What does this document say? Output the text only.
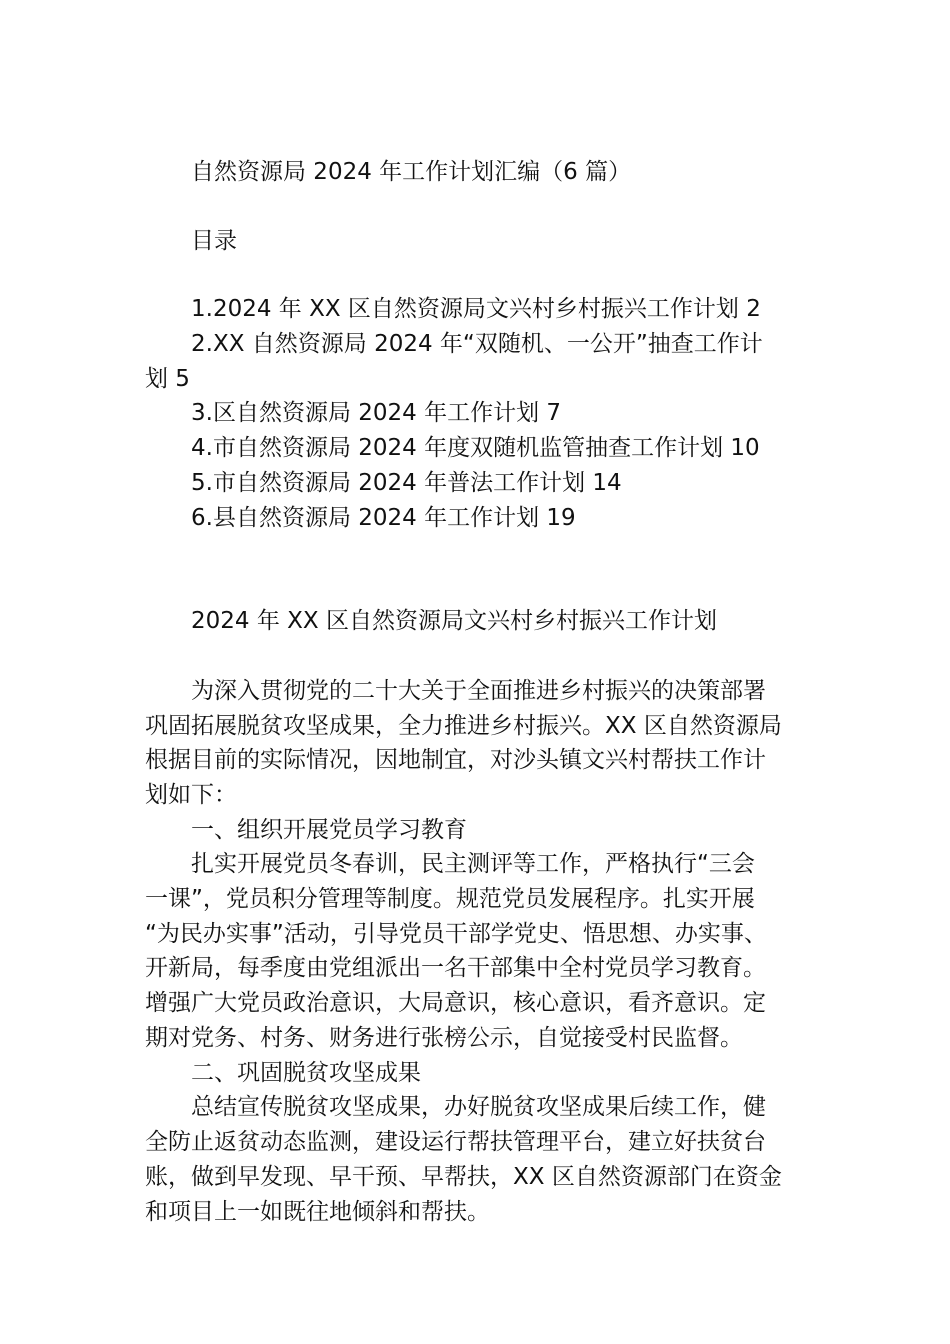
自然资源局 2024 年工作计划汇编（6 篇）

目录

1.2024 年 XX 区自然资源局文兴村乡村振兴工作计划 2

2.XX 自然资源局 2024 年“双随机、一公开”抽查工作计

划 5

3.区自然资源局 2024 年工作计划 7

4.市自然资源局 2024 年度双随机监管抽查工作计划 10

5.市自然资源局 2024 年普法工作计划 14

6.县自然资源局 2024 年工作计划 19

2024 年 XX 区自然资源局文兴村乡村振兴工作计划

为深入贯彻党的二十大关于全面推进乡村振兴的决策部署

巩固拓展脱贫攻坚成果，全力推进乡村振兴。XX 区自然资源局

根据目前的实际情况，因地制宜，对沙头镇文兴村帮扶工作计

划如下：

一、组织开展党员学习教育

扎实开展党员冬春训，民主测评等工作，严格执行“三会

一课”，党员积分管理等制度。规范党员发展程序。扎实开展

“为民办实事”活动，引导党员干部学党史、悟思想、办实事、

开新局，每季度由党组派出一名干部集中全村党员学习教育。

增强广大党员政治意识，大局意识，核心意识，看齐意识。定

期对党务、村务、财务进行张榜公示，自觉接受村民监督。

二、巩固脱贫攻坚成果

总结宣传脱贫攻坚成果，办好脱贫攻坚成果后续工作，健

全防止返贫动态监测，建设运行帮扶管理平台，建立好扶贫台

账，做到早发现、早干预、早帮扶，XX 区自然资源部门在资金

和项目上一如既往地倾斜和帮扶。
